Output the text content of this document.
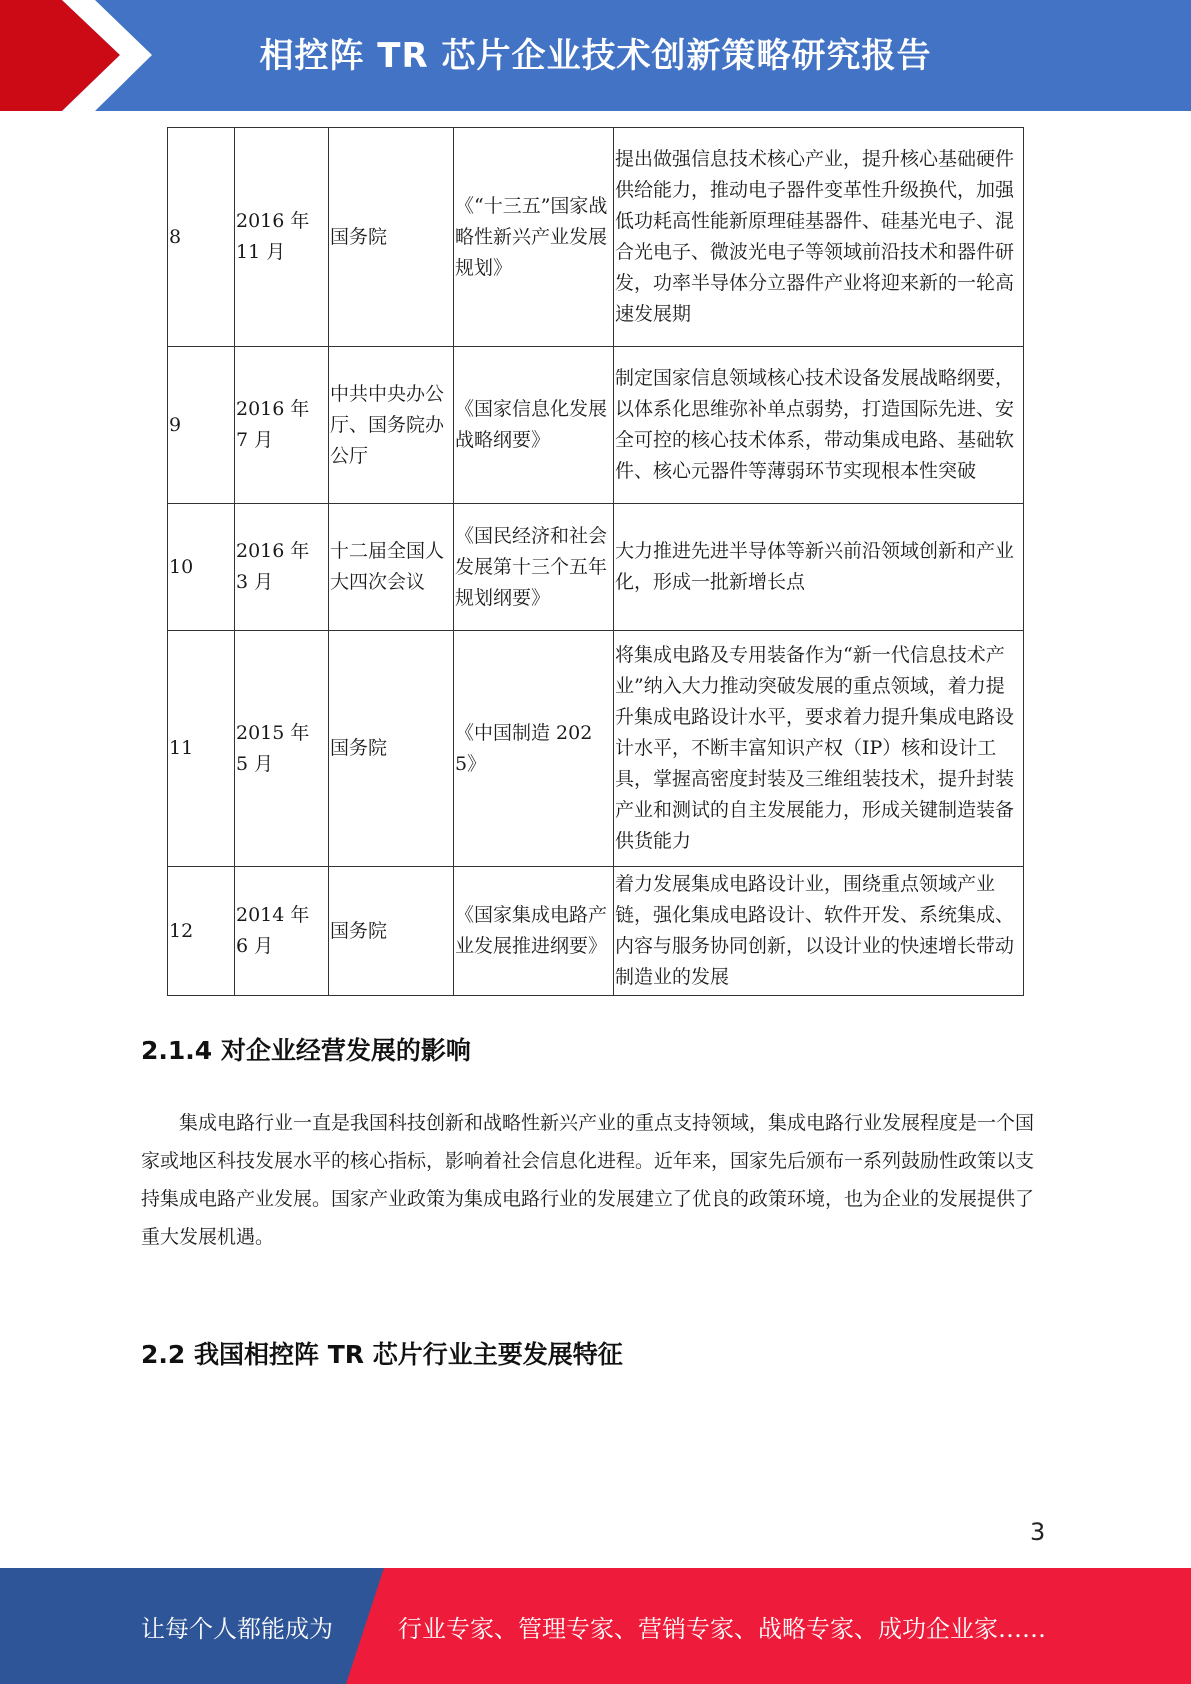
相控阵 TR 芯片企业技术创新策略研究报告
8	2016 年 11 月	国务院	《“十三五”国家战略性新兴产业发展规划》	提出做强信息技术核心产业，提升核心基础硬件供给能力，推动电子器件变革性升级换代，加强低功耗高性能新原理硅基器件、硅基光电子、混合光电子、微波光电子等领域前沿技术和器件研发，功率半导体分立器件产业将迎来新的一轮高速发展期
9	2016 年 7 月	中共中央办公厅、国务院办公厅	《国家信息化发展战略纲要》	制定国家信息领域核心技术设备发展战略纲要，以体系化思维弥补单点弱势，打造国际先进、安全可控的核心技术体系，带动集成电路、基础软件、核心元器件等薄弱环节实现根本性突破
10	2016 年 3 月	十二届全国人大四次会议	《国民经济和社会发展第十三个五年规划纲要》	大力推进先进半导体等新兴前沿领域创新和产业化，形成一批新增长点
11	2015 年 5 月	国务院	《中国制造 2025》	将集成电路及专用装备作为“新一代信息技术产业”纳入大力推动突破发展的重点领域，着力提升集成电路设计水平，要求着力提升集成电路设计水平，不断丰富知识产权（IP）核和设计工具，掌握高密度封装及三维组装技术，提升封装产业和测试的自主发展能力，形成关键制造装备供货能力
12	2014 年 6 月	国务院	《国家集成电路产业发展推进纲要》	着力发展集成电路设计业，围绕重点领域产业链，强化集成电路设计、软件开发、系统集成、内容与服务协同创新，以设计业的快速增长带动制造业的发展
2.1.4 对企业经营发展的影响

集成电路行业一直是我国科技创新和战略性新兴产业的重点支持领域，集成电路行业发展程度是一个国家或地区科技发展水平的核心指标，影响着社会信息化进程。近年来，国家先后颁布一系列鼓励性政策以支持集成电路产业发展。国家产业政策为集成电路行业的发展建立了优良的政策环境，也为企业的发展提供了重大发展机遇。

2.2 我国相控阵 TR 芯片行业主要发展特征
3
让每个人都能成为	行业专家、管理专家、营销专家、战略专家、成功企业家……
